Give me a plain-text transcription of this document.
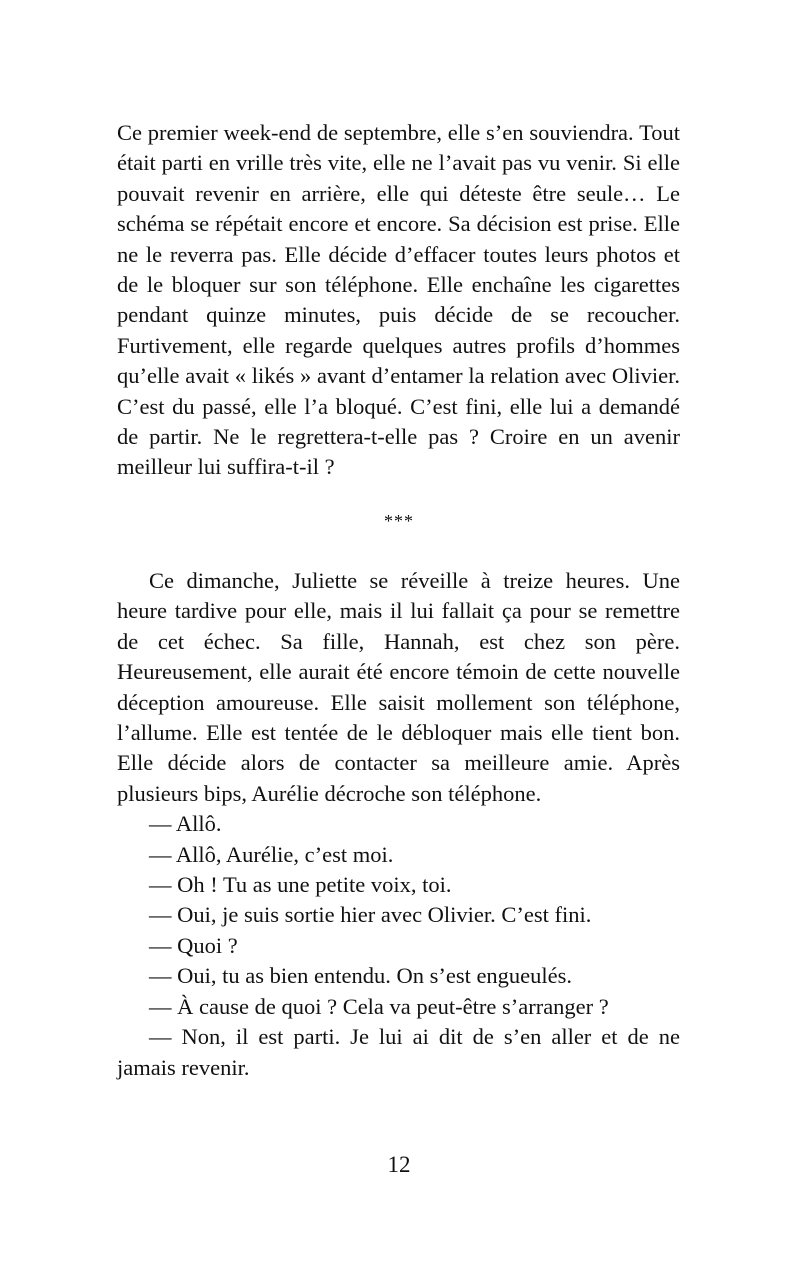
Ce premier week-end de septembre, elle s’en souviendra. Tout était parti en vrille très vite, elle ne l’avait pas vu venir. Si elle pouvait revenir en arrière, elle qui déteste être seule… Le schéma se répétait encore et encore. Sa décision est prise. Elle ne le reverra pas. Elle décide d’effacer toutes leurs photos et de le bloquer sur son téléphone. Elle enchaîne les cigarettes pendant quinze minutes, puis décide de se recoucher. Furtivement, elle regarde quelques autres profils d’hommes qu’elle avait « likés » avant d’entamer la relation avec Olivier. C’est du passé, elle l’a bloqué. C’est fini, elle lui a demandé de partir. Ne le regrettera-t-elle pas ? Croire en un avenir meilleur lui suffira-t-il ?

***

Ce dimanche, Juliette se réveille à treize heures. Une heure tardive pour elle, mais il lui fallait ça pour se remettre de cet échec. Sa fille, Hannah, est chez son père. Heureusement, elle aurait été encore témoin de cette nouvelle déception amoureuse. Elle saisit mollement son téléphone, l’allume. Elle est tentée de le débloquer mais elle tient bon. Elle décide alors de contacter sa meilleure amie. Après plusieurs bips, Aurélie décroche son téléphone.

— Allô.

— Allô, Aurélie, c’est moi.

— Oh ! Tu as une petite voix, toi.

— Oui, je suis sortie hier avec Olivier. C’est fini.

— Quoi ?

— Oui, tu as bien entendu. On s’est engueulés.

— À cause de quoi ? Cela va peut-être s’arranger ?

— Non, il est parti. Je lui ai dit de s’en aller et de ne jamais revenir.

12
